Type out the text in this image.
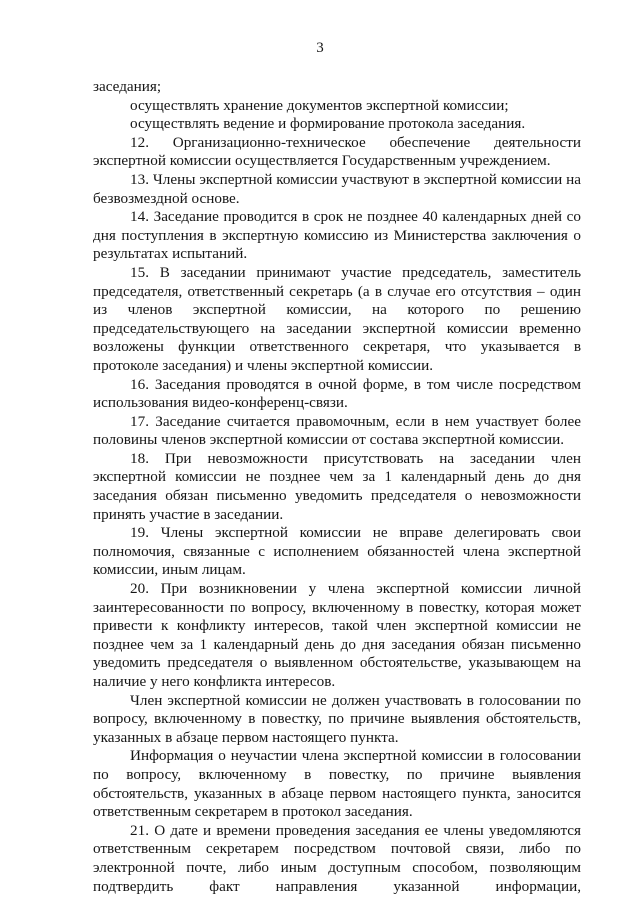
3

заседания;

осуществлять хранение документов экспертной комиссии;

осуществлять ведение и формирование протокола заседания.

12. Организационно-техническое обеспечение деятельности экспертной комиссии осуществляется Государственным учреждением.

13. Члены экспертной комиссии участвуют в экспертной комиссии на безвозмездной основе.

14. Заседание проводится в срок не позднее 40 календарных дней со дня поступления в экспертную комиссию из Министерства заключения о результатах испытаний.

15. В заседании принимают участие председатель, заместитель председателя, ответственный секретарь (а в случае его отсутствия – один из членов экспертной комиссии, на которого по решению председательствующего на заседании экспертной комиссии временно возложены функции ответственного секретаря, что указывается в протоколе заседания) и члены экспертной комиссии.

16. Заседания проводятся в очной форме, в том числе посредством использования видео-конференц-связи.

17. Заседание считается правомочным, если в нем участвует более половины членов экспертной комиссии от состава экспертной комиссии.

18. При невозможности присутствовать на заседании член экспертной комиссии не позднее чем за 1 календарный день до дня заседания обязан письменно уведомить председателя о невозможности принять участие в заседании.

19. Члены экспертной комиссии не вправе делегировать свои полномочия, связанные с исполнением обязанностей члена экспертной комиссии, иным лицам.

20. При возникновении у члена экспертной комиссии личной заинтересованности по вопросу, включенному в повестку, которая может привести к конфликту интересов, такой член экспертной комиссии не позднее чем за 1 календарный день до дня заседания обязан письменно уведомить председателя о выявленном обстоятельстве, указывающем на наличие у него конфликта интересов.

Член экспертной комиссии не должен участвовать в голосовании по вопросу, включенному в повестку, по причине выявления обстоятельств, указанных в абзаце первом настоящего пункта.

Информация о неучастии члена экспертной комиссии в голосовании по вопросу, включенному в повестку, по причине выявления обстоятельств, указанных в абзаце первом настоящего пункта, заносится ответственным секретарем в протокол заседания.

21. О дате и времени проведения заседания ее члены уведомляются ответственным секретарем посредством почтовой связи, либо по электронной почте, либо иным доступным способом, позволяющим подтвердить факт направления указанной информации,
